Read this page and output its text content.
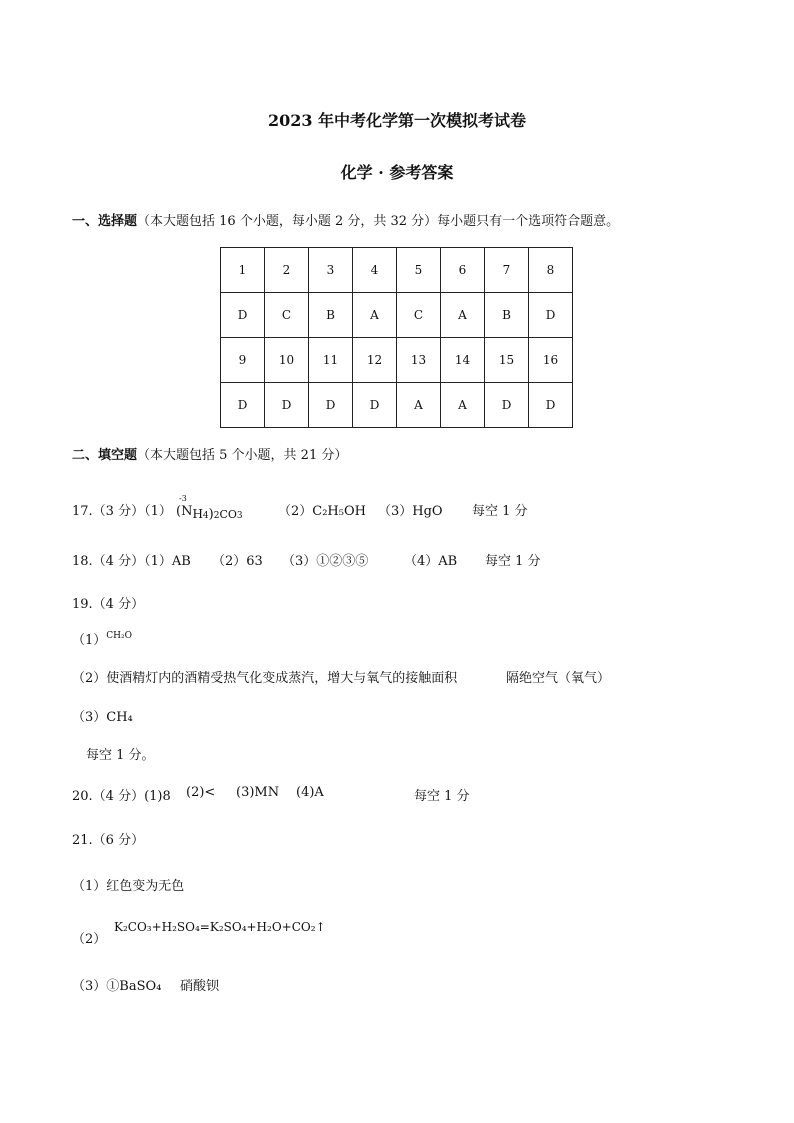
2023 年中考化学第一次模拟考试卷
化学 · 参考答案
一、选择题（本大题包括 16 个小题，每小题 2 分，共 32 分）每小题只有一个选项符合题意。
1	2	3	4	5	6	7	8
D	C	B	A	C	A	B	D
9	10	11	12	13	14	15	16
D	D	D	D	A	A	D	D
二、填空题（本大题包括 5 个小题，共 21 分）
17.（3 分）（1）
-3
$(N_{H4})_{2CO3}$	（2）C₂H₅OH （3）HgO 每空 1 分
18.（4 分）（1）AB （2）63 （3）①②③⑤	（4）AB 每空 1 分
19.（4 分）
$(1)^{CH_2O}$
（2）使酒精灯内的酒精受热气化变成蒸汽，增大与氧气的接触面积	隔绝空气（氧气）
（3）CH₄
每空 1 分。
20.（4 分）(1)8 (2)< (3)MN (4)A	每空 1 分
21.（6 分）
（1）红色变为无色
（2）
K₂CO₃+H₂SO₄=K₂SO₄+H₂O+CO₂↑
（3）①BaSO₄ 硝酸钡
